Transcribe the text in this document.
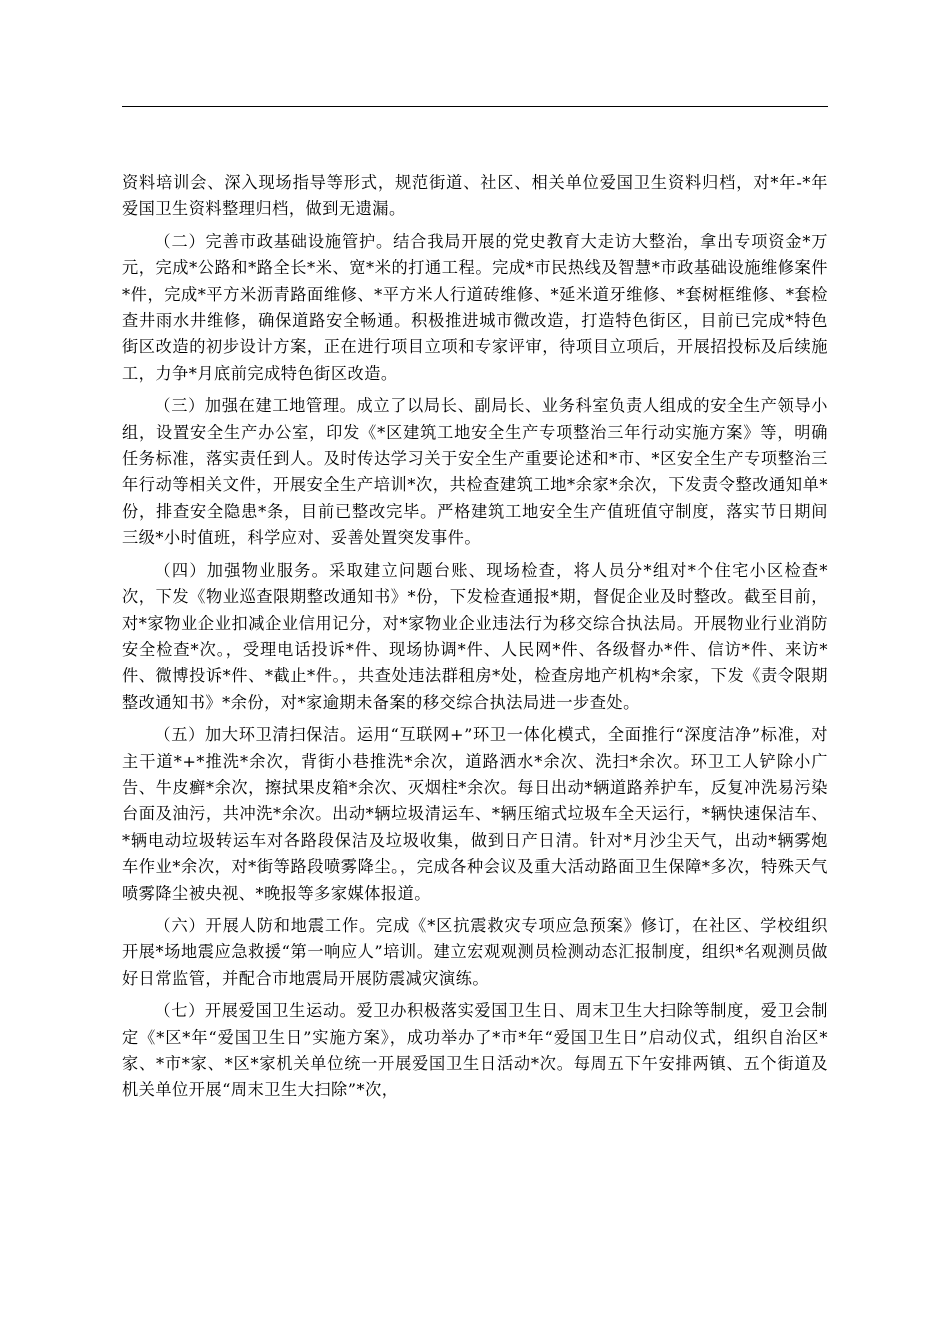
资料培训会、深入现场指导等形式，规范街道、社区、相关单位爱国卫生资料归档，对*年-*年爱国卫生资料整理归档，做到无遗漏。

（二）完善市政基础设施管护。结合我局开展的党史教育大走访大整治，拿出专项资金*万元，完成*公路和*路全长*米、宽*米的打通工程。完成*市民热线及智慧*市政基础设施维修案件*件，完成*平方米沥青路面维修、*平方米人行道砖维修、*延米道牙维修、*套树框维修、*套检查井雨水井维修，确保道路安全畅通。积极推进城市微改造，打造特色街区，目前已完成*特色街区改造的初步设计方案，正在进行项目立项和专家评审，待项目立项后，开展招投标及后续施工，力争*月底前完成特色街区改造。

（三）加强在建工地管理。成立了以局长、副局长、业务科室负责人组成的安全生产领导小组，设置安全生产办公室，印发《*区建筑工地安全生产专项整治三年行动实施方案》等，明确任务标准，落实责任到人。及时传达学习关于安全生产重要论述和*市、*区安全生产专项整治三年行动等相关文件，开展安全生产培训*次，共检查建筑工地*余家*余次，下发责令整改通知单*份，排查安全隐患*条，目前已整改完毕。严格建筑工地安全生产值班值守制度，落实节日期间三级*小时值班，科学应对、妥善处置突发事件。

（四）加强物业服务。采取建立问题台账、现场检查，将人员分*组对*个住宅小区检查*次，下发《物业巡查限期整改通知书》*份，下发检查通报*期，督促企业及时整改。截至目前，对*家物业企业扣减企业信用记分，对*家物业企业违法行为移交综合执法局。开展物业行业消防安全检查*次。，受理电话投诉*件、现场协调*件、人民网*件、各级督办*件、信访*件、来访*件、微博投诉*件、*截止*件。，共查处违法群租房*处，检查房地产机构*余家，下发《责令限期整改通知书》*余份，对*家逾期未备案的移交综合执法局进一步查处。

（五）加大环卫清扫保洁。运用“互联网+”环卫一体化模式，全面推行“深度洁净”标准，对主干道*+*推洗*余次，背街小巷推洗*余次，道路洒水*余次、洗扫*余次。环卫工人铲除小广告、牛皮癣*余次，擦拭果皮箱*余次、灭烟柱*余次。每日出动*辆道路养护车，反复冲洗易污染台面及油污，共冲洗*余次。出动*辆垃圾清运车、*辆压缩式垃圾车全天运行，*辆快速保洁车、*辆电动垃圾转运车对各路段保洁及垃圾收集，做到日产日清。针对*月沙尘天气，出动*辆雾炮车作业*余次，对*街等路段喷雾降尘。，完成各种会议及重大活动路面卫生保障*多次，特殊天气喷雾降尘被央视、*晚报等多家媒体报道。

（六）开展人防和地震工作。完成《*区抗震救灾专项应急预案》修订，在社区、学校组织开展*场地震应急救援“第一响应人”培训。建立宏观观测员检测动态汇报制度，组织*名观测员做好日常监管，并配合市地震局开展防震减灾演练。

（七）开展爱国卫生运动。爱卫办积极落实爱国卫生日、周末卫生大扫除等制度，爱卫会制定《*区*年“爱国卫生日”实施方案》，成功举办了*市*年“爱国卫生日”启动仪式，组织自治区*家、*市*家、*区*家机关单位统一开展爱国卫生日活动*次。每周五下午安排两镇、五个街道及机关单位开展“周末卫生大扫除”*次，
